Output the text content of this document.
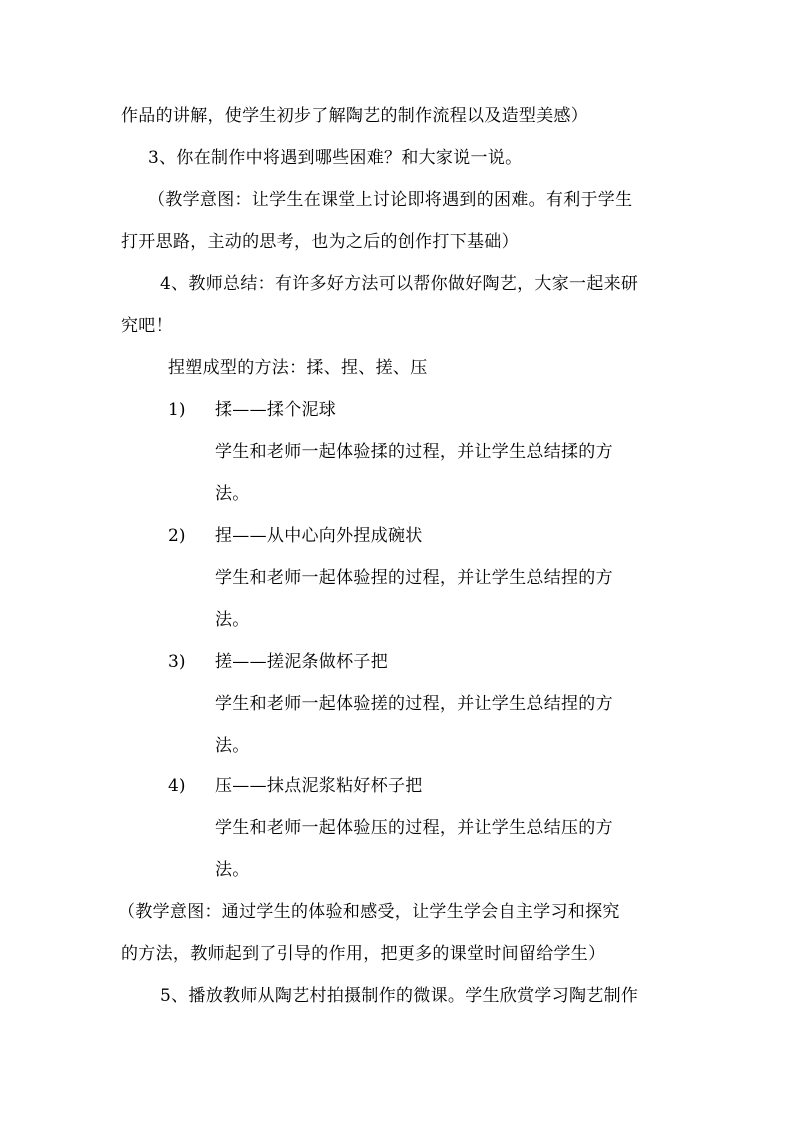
作品的讲解，使学生初步了解陶艺的制作流程以及造型美感）
3、你在制作中将遇到哪些困难？和大家说一说。
（教学意图：让学生在课堂上讨论即将遇到的困难。有利于学生
打开思路，主动的思考，也为之后的创作打下基础）
4、教师总结：有许多好方法可以帮你做好陶艺，大家一起来研
究吧！
捏塑成型的方法：揉、捏、搓、压
1) 揉——揉个泥球
学生和老师一起体验揉的过程，并让学生总结揉的方
法。
2) 捏——从中心向外捏成碗状
学生和老师一起体验捏的过程，并让学生总结捏的方
法。
3) 搓——搓泥条做杯子把
学生和老师一起体验搓的过程，并让学生总结捏的方
法。
4) 压——抹点泥浆粘好杯子把
学生和老师一起体验压的过程，并让学生总结压的方
法。
（教学意图：通过学生的体验和感受，让学生学会自主学习和探究
的方法，教师起到了引导的作用，把更多的课堂时间留给学生）
5、播放教师从陶艺村拍摄制作的微课。学生欣赏学习陶艺制作
